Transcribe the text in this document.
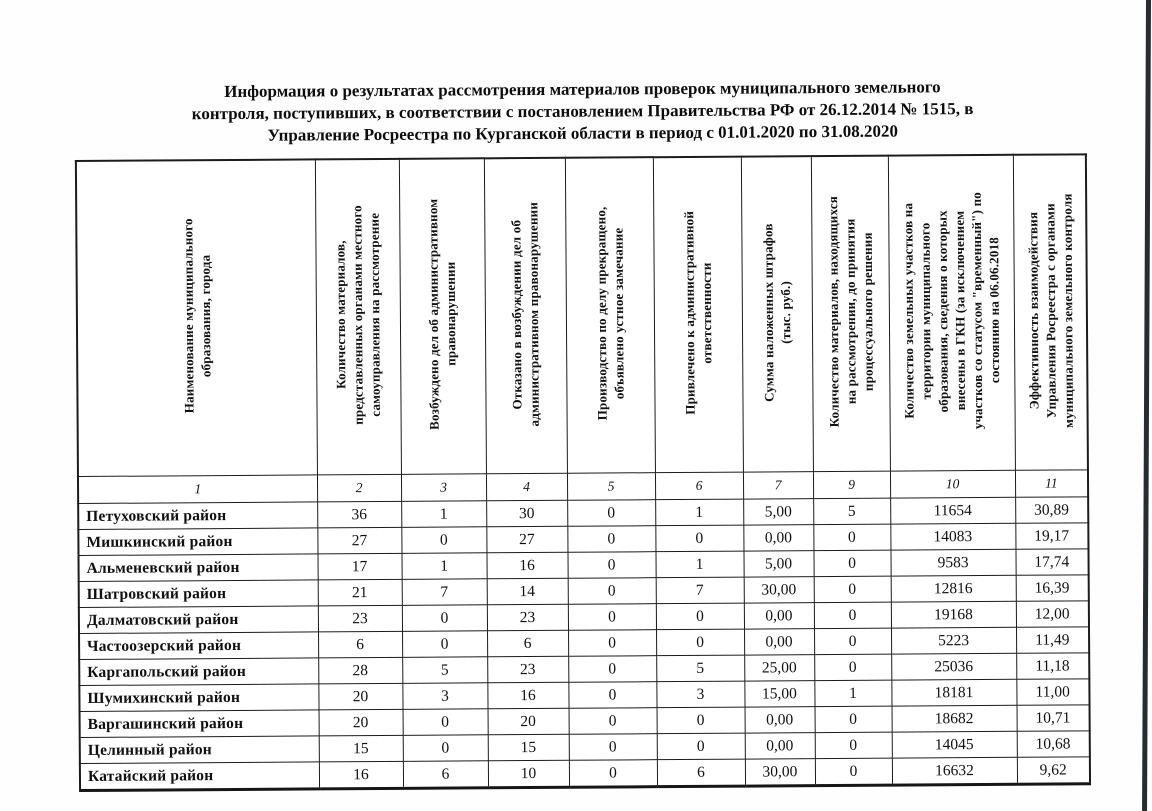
Информация о результатах рассмотрения материалов проверок муниципального земельного
контроля, поступивших, в соответствии с постановлением Правительства РФ от 26.12.2014 № 1515, в
Управление Росреестра по Курганской области в период с 01.01.2020 по 31.08.2020
Наименование муниципального
образования, города	Количество материалов,
представленных органами местного
самоуправления на рассмотрение	Возбуждено дел об административном
правонарушении	Отказано в возбуждении дел об
административном правонарушении	Производство по делу прекращено,
объявлено устное замечание	Привлечено к административной
ответственности	Сумма наложенных штрафов
(тыс. руб.)	Количество материалов, находящихся
на рассмотрении, до принятия
процессуального решения	Количество земельных участков на
территории муниципального
образования, сведения о которых
внесены в ГКН (за исключением
участков со статусом "временный") по
состоянию на 06.06.2018	Эффективность взаимодействия
Управления Росреестра с органами
муниципального земельного контроля
1	2	3	4	5	6	7	9	10	11
Петуховский район	36	1	30	0	1	5,00	5	11654	30,89
Мишкинский район	27	0	27	0	0	0,00	0	14083	19,17
Альменевский район	17	1	16	0	1	5,00	0	9583	17,74
Шатровский район	21	7	14	0	7	30,00	0	12816	16,39
Далматовский район	23	0	23	0	0	0,00	0	19168	12,00
Частоозерский район	6	0	6	0	0	0,00	0	5223	11,49
Каргапольский район	28	5	23	0	5	25,00	0	25036	11,18
Шумихинский район	20	3	16	0	3	15,00	1	18181	11,00
Варгашинский район	20	0	20	0	0	0,00	0	18682	10,71
Целинный район	15	0	15	0	0	0,00	0	14045	10,68
Катайский район	16	6	10	0	6	30,00	0	16632	9,62
